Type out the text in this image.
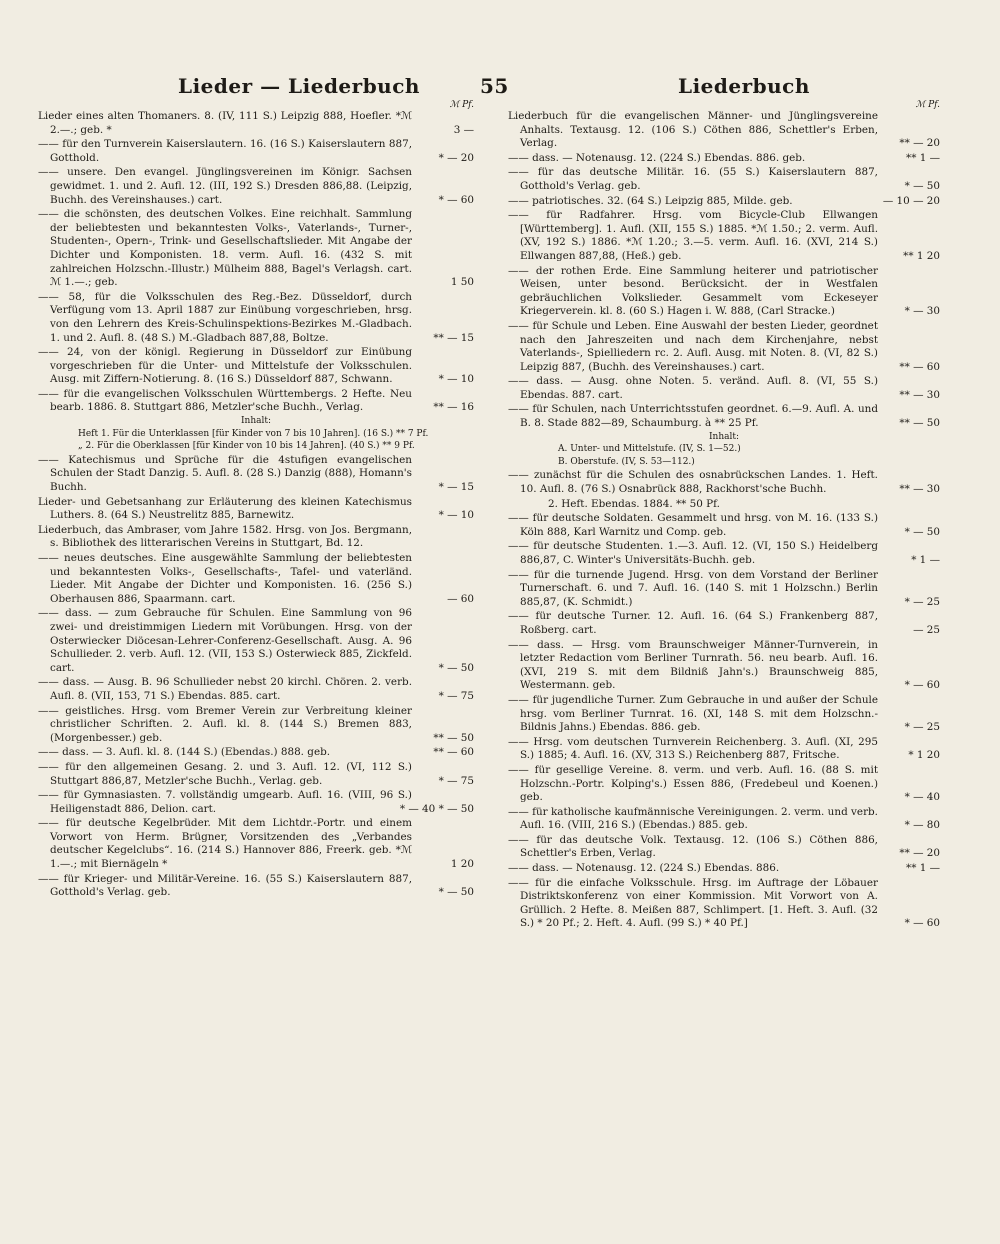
Lieder — Liederbuch	55	Liederbuch
ℳ Pf.
Lieder eines alten Thomaners. 8. (IV, 111 S.) Leipzig 888, Hoefler. *ℳ 2.—.; geb. *	3 —
—— für den Turnverein Kaiserslautern. 16. (16 S.) Kaiserslautern 887, Gotthold.	* — 20
—— unsere. Den evangel. Jünglingsvereinen im Königr. Sachsen gewidmet. 1. und 2. Aufl. 12. (III, 192 S.) Dresden 886,88. (Leipzig, Buchh. des Vereinshauses.) cart.	* — 60
—— die schönsten, des deutschen Volkes. Eine reichhalt. Sammlung der beliebtesten und bekanntesten Volks-, Vaterlands-, Turner-, Studenten-, Opern-, Trink- und Gesellschaftslieder. Mit Angabe der Dichter und Komponisten. 18. verm. Aufl. 16. (432 S. mit zahlreichen Holzschn.-Illustr.) Mülheim 888, Bagel's Verlagsh. cart. ℳ 1.—.; geb.	1 50
—— 58, für die Volksschulen des Reg.-Bez. Düsseldorf, durch Verfügung vom 13. April 1887 zur Einübung vorgeschrieben, hrsg. von den Lehrern des Kreis-Schulinspektions-Bezirkes M.-Gladbach. 1. und 2. Aufl. 8. (48 S.) M.-Gladbach 887,88, Boltze.	** — 15
—— 24, von der königl. Regierung in Düsseldorf zur Einübung vorgeschrieben für die Unter- und Mittelstufe der Volksschulen. Ausg. mit Ziffern-Notierung. 8. (16 S.) Düsseldorf 887, Schwann.	* — 10
—— für die evangelischen Volksschulen Württembergs. 2 Hefte. Neu bearb. 1886. 8. Stuttgart 886, Metzler'sche Buchh., Verlag.	** — 16
Inhalt:
Heft 1. Für die Unterklassen [für Kinder von 7 bis 10 Jahren]. (16 S.) ** 7 Pf.
„ 2. Für die Oberklassen [für Kinder von 10 bis 14 Jahren]. (40 S.) ** 9 Pf.
—— Katechismus und Sprüche für die 4stufigen evangelischen Schulen der Stadt Danzig. 5. Aufl. 8. (28 S.) Danzig (888), Homann's Buchh.	* — 15
Lieder- und Gebetsanhang zur Erläuterung des kleinen Katechismus Luthers. 8. (64 S.) Neustrelitz 885, Barnewitz.	* — 10
Liederbuch, das Ambraser, vom Jahre 1582. Hrsg. von Jos. Bergmann, s. Bibliothek des litterarischen Vereins in Stuttgart, Bd. 12.
—— neues deutsches. Eine ausgewählte Sammlung der beliebtesten und bekanntesten Volks-, Gesellschafts-, Tafel- und vaterländ. Lieder. Mit Angabe der Dichter und Komponisten. 16. (256 S.) Oberhausen 886, Spaarmann. cart.	— 60
—— dass. — zum Gebrauche für Schulen. Eine Sammlung von 96 zwei- und dreistimmigen Liedern mit Vorübungen. Hrsg. von der Osterwiecker Diöcesan-Lehrer-Conferenz-Gesellschaft. Ausg. A. 96 Schullieder. 2. verb. Aufl. 12. (VII, 153 S.) Osterwieck 885, Zickfeld. cart.	* — 50
—— dass. — Ausg. B. 96 Schullieder nebst 20 kirchl. Chören. 2. verb. Aufl. 8. (VII, 153, 71 S.) Ebendas. 885. cart.	* — 75
—— geistliches. Hrsg. vom Bremer Verein zur Verbreitung kleiner christlicher Schriften. 2. Aufl. kl. 8. (144 S.) Bremen 883, (Morgenbesser.) geb.	** — 50
—— dass. — 3. Aufl. kl. 8. (144 S.) (Ebendas.) 888. geb.	** — 60
—— für den allgemeinen Gesang. 2. und 3. Aufl. 12. (VI, 112 S.) Stuttgart 886,87, Metzler'sche Buchh., Verlag. geb.	* — 75
—— für Gymnasiasten. 7. vollständig umgearb. Aufl. 16. (VIII, 96 S.) Heiligenstadt 886, Delion. cart.	* — 40 * — 50
—— für deutsche Kegelbrüder. Mit dem Lichtdr.-Portr. und einem Vorwort von Herm. Brügner, Vorsitzenden des „Verbandes deutscher Kegelclubs“. 16. (214 S.) Hannover 886, Freerk. geb. *ℳ 1.—.; mit Biernägeln *	1 20
—— für Krieger- und Militär-Vereine. 16. (55 S.) Kaiserslautern 887, Gotthold's Verlag. geb.	* — 50
ℳ Pf.
Liederbuch für die evangelischen Männer- und Jünglingsvereine Anhalts. Textausg. 12. (106 S.) Cöthen 886, Schettler's Erben, Verlag.	** — 20
—— dass. — Notenausg. 12. (224 S.) Ebendas. 886. geb.	** 1 —
—— für das deutsche Militär. 16. (55 S.) Kaiserslautern 887, Gotthold's Verlag. geb.	* — 50
—— patriotisches. 32. (64 S.) Leipzig 885, Milde. geb.	— 10 — 20
—— für Radfahrer. Hrsg. vom Bicycle-Club Ellwangen [Württemberg]. 1. Aufl. (XII, 155 S.) 1885. *ℳ 1.50.; 2. verm. Aufl. (XV, 192 S.) 1886. *ℳ 1.20.; 3.—5. verm. Aufl. 16. (XVI, 214 S.) Ellwangen 887,88, (Heß.) geb.	** 1 20
—— der rothen Erde. Eine Sammlung heiterer und patriotischer Weisen, unter besond. Berücksicht. der in Westfalen gebräuchlichen Volkslieder. Gesammelt vom Eckeseyer Kriegerverein. kl. 8. (60 S.) Hagen i. W. 888, (Carl Stracke.)	* — 30
—— für Schule und Leben. Eine Auswahl der besten Lieder, geordnet nach den Jahreszeiten und nach dem Kirchenjahre, nebst Vaterlands-, Spielliedern rc. 2. Aufl. Ausg. mit Noten. 8. (VI, 82 S.) Leipzig 887, (Buchh. des Vereinshauses.) cart.	** — 60
—— dass. — Ausg. ohne Noten. 5. veränd. Aufl. 8. (VI, 55 S.) Ebendas. 887. cart.	** — 30
—— für Schulen, nach Unterrichtsstufen geordnet. 6.—9. Aufl. A. und B. 8. Stade 882—89, Schaumburg. à ** 25 Pf.	** — 50
Inhalt:
A. Unter- und Mittelstufe. (IV, S. 1—52.)
B. Oberstufe. (IV, S. 53—112.)
—— zunächst für die Schulen des osnabrückschen Landes. 1. Heft. 10. Aufl. 8. (76 S.) Osnabrück 888, Rackhorst'sche Buchh.	** — 30
2. Heft. Ebendas. 1884. ** 50 Pf.
—— für deutsche Soldaten. Gesammelt und hrsg. von M. 16. (133 S.) Köln 888, Karl Warnitz und Comp. geb.	* — 50
—— für deutsche Studenten. 1.—3. Aufl. 12. (VI, 150 S.) Heidelberg 886,87, C. Winter's Universitäts-Buchh. geb.	* 1 —
—— für die turnende Jugend. Hrsg. von dem Vorstand der Berliner Turnerschaft. 6. und 7. Aufl. 16. (140 S. mit 1 Holzschn.) Berlin 885,87, (K. Schmidt.)	* — 25
—— für deutsche Turner. 12. Aufl. 16. (64 S.) Frankenberg 887, Roßberg. cart.	— 25
—— dass. — Hrsg. vom Braunschweiger Männer-Turnverein, in letzter Redaction vom Berliner Turnrath. 56. neu bearb. Aufl. 16. (XVI, 219 S. mit dem Bildniß Jahn's.) Braunschweig 885, Westermann. geb.	* — 60
—— für jugendliche Turner. Zum Gebrauche in und außer der Schule hrsg. vom Berliner Turnrat. 16. (XI, 148 S. mit dem Holzschn.-Bildnis Jahns.) Ebendas. 886. geb.	* — 25
—— Hrsg. vom deutschen Turnverein Reichenberg. 3. Aufl. (XI, 295 S.) 1885; 4. Aufl. 16. (XV, 313 S.) Reichenberg 887, Fritsche.	* 1 20
—— für gesellige Vereine. 8. verm. und verb. Aufl. 16. (88 S. mit Holzschn.-Portr. Kolping's.) Essen 886, (Fredebeul und Koenen.) geb.	* — 40
—— für katholische kaufmännische Vereinigungen. 2. verm. und verb. Aufl. 16. (VIII, 216 S.) (Ebendas.) 885. geb.	* — 80
—— für das deutsche Volk. Textausg. 12. (106 S.) Cöthen 886, Schettler's Erben, Verlag.	** — 20
—— dass. — Notenausg. 12. (224 S.) Ebendas. 886.	** 1 —
—— für die einfache Volksschule. Hrsg. im Auftrage der Löbauer Distriktskonferenz von einer Kommission. Mit Vorwort von A. Grüllich. 2 Hefte. 8. Meißen 887, Schlimpert. [1. Heft. 3. Aufl. (32 S.) * 20 Pf.; 2. Heft. 4. Aufl. (99 S.) * 40 Pf.]	* — 60
